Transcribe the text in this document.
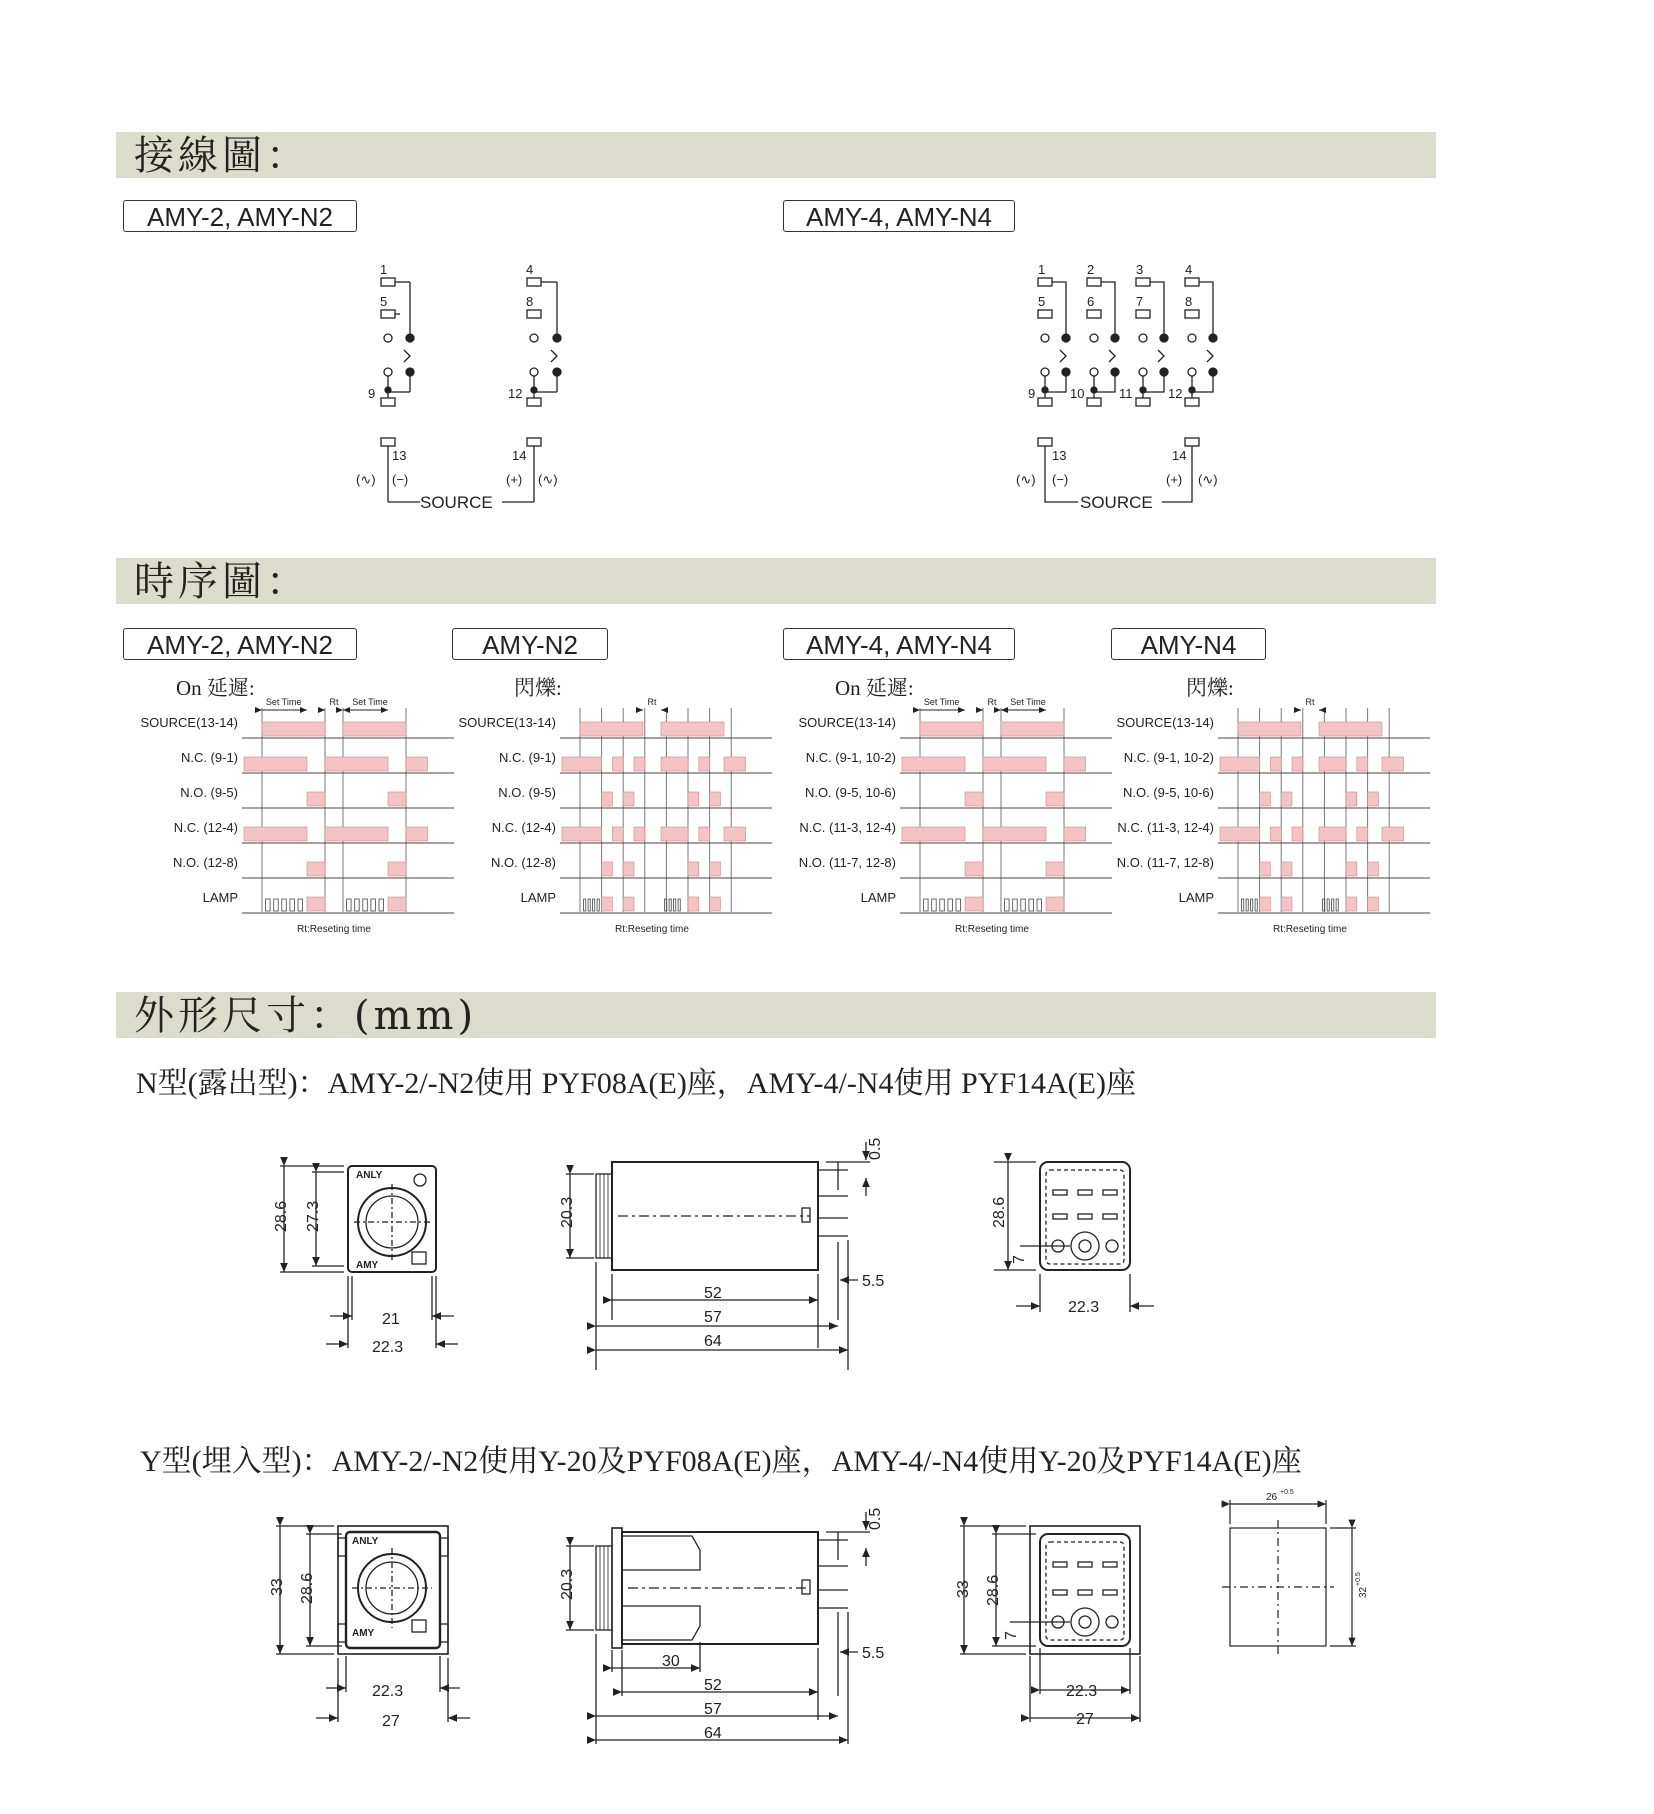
接線圖：
時序圖：
外形尺寸：(mm)
AMY-2, AMY-N2	AMY-4, AMY-N4
AMY-2, AMY-N2	AMY-N2	AMY-4, AMY-N4	AMY-N4
On 延遲:	閃爍:	On 延遲:	閃爍:
N型(露出型)：AMY-2/-N2使用 PYF08A(E)座，AMY-4/-N4使用 PYF14A(E)座
Y型(埋入型)：AMY-2/-N2使用Y-20及PYF08A(E)座，AMY-4/-N4使用Y-20及PYF14A(E)座
1	4
5	8
9	12
13	14
(∿) (−)	(+) (∿)
SOURCE
1	2	3	4
5	6	7	8
9	10	11	12
13	14
(∿) (−)	(+) (∿)
SOURCE
SOURCE(13-14)
N.C. (9-1)
N.O. (9-5)
N.C. (12-4)
N.O. (12-8)
LAMP
Rt
Set Time	Set Time
Rt:Reseting time
SOURCE(13-14)
N.C. (9-1)
N.O. (9-5)
N.C. (12-4)
N.O. (12-8)
LAMP
Rt
Rt:Reseting time
SOURCE(13-14)
N.C. (9-1, 10-2)
N.O. (9-5, 10-6)
N.C. (11-3, 12-4)
N.O. (11-7, 12-8)
LAMP
Rt
Set Time	Set Time
Rt:Reseting time
SOURCE(13-14)
N.C. (9-1, 10-2)
N.O. (9-5, 10-6)
N.C. (11-3, 12-4)
N.O. (11-7, 12-8)
LAMP
Rt
Rt:Reseting time
ANLY
AMY
28.6 27.3
21
22.3
20.3
0.5
5.5
52
57
64
28.6
7
22.3
ANLY
AMY
33 28.6
22.3
27
20.3
0.5
5.5
30
52
57
64
33 28.6
7
22.3
27
26 +0.5
32
+0.5
